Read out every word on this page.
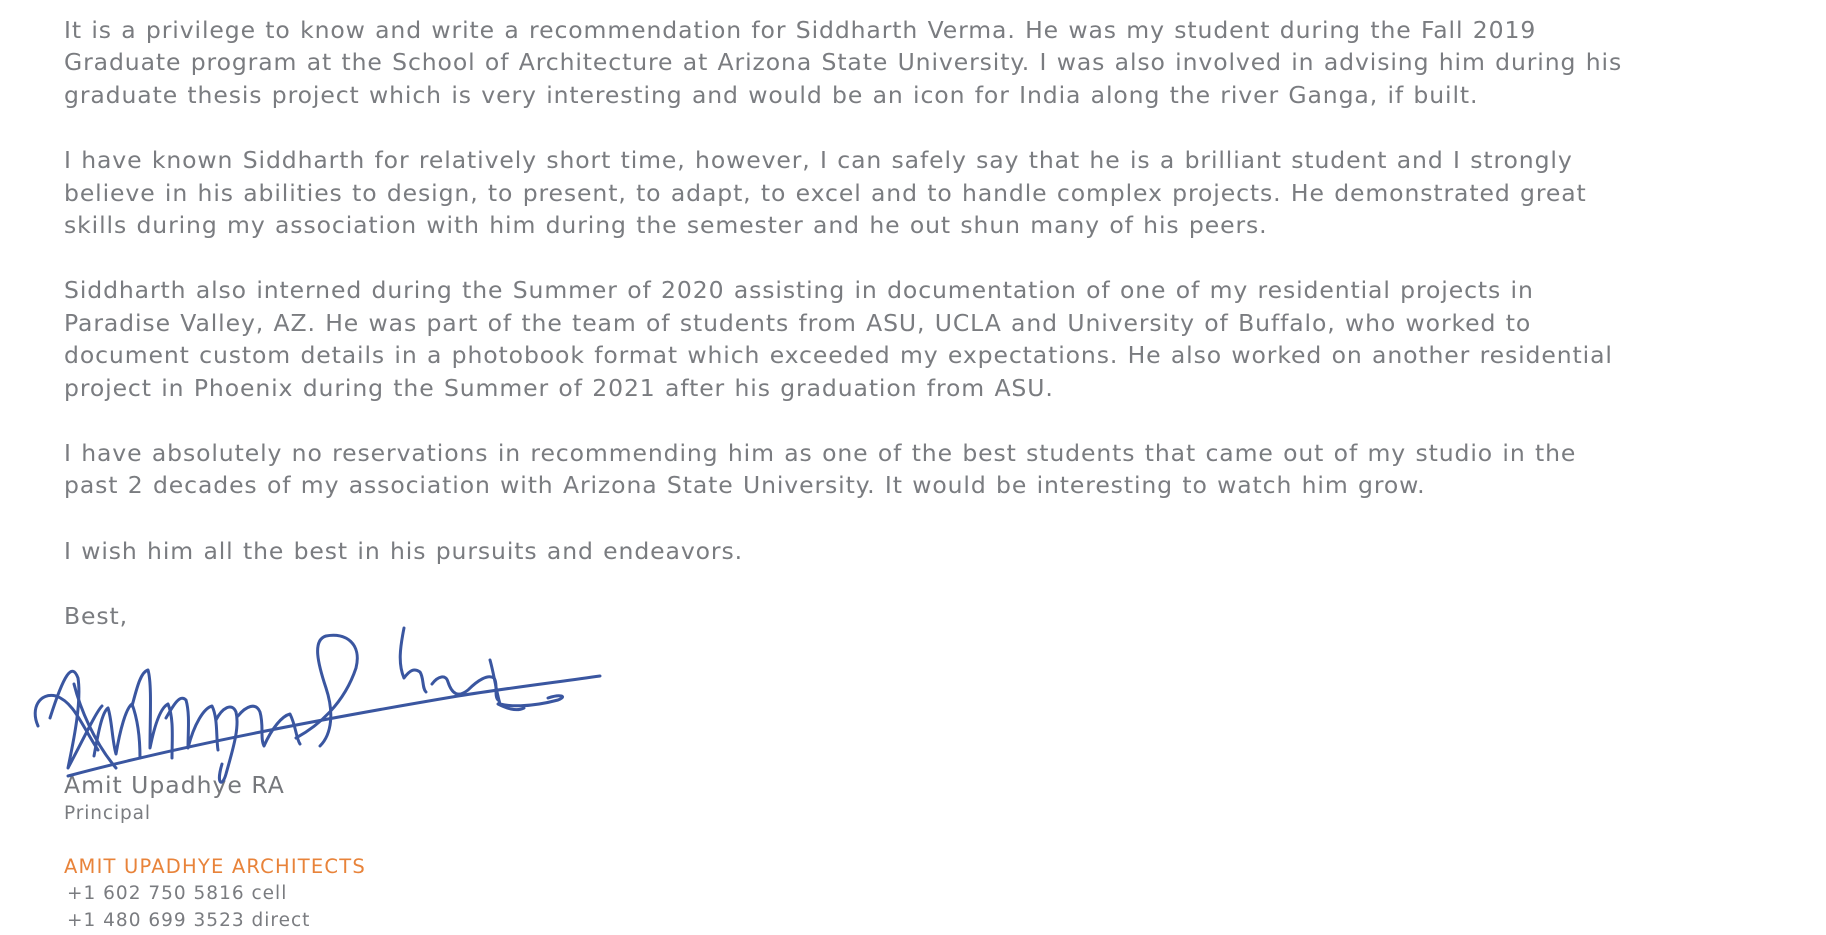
It is a privilege to know and write a recommendation for Siddharth Verma. He was my student during the Fall 2019
Graduate program at the School of Architecture at Arizona State University. I was also involved in advising him during his
graduate thesis project which is very interesting and would be an icon for India along the river Ganga, if built.

I have known Siddharth for relatively short time, however, I can safely say that he is a brilliant student and I strongly
believe in his abilities to design, to present, to adapt, to excel and to handle complex projects. He demonstrated great
skills during my association with him during the semester and he out shun many of his peers.

Siddharth also interned during the Summer of 2020 assisting in documentation of one of my residential projects in
Paradise Valley, AZ. He was part of the team of students from ASU, UCLA and University of Buffalo, who worked to
document custom details in a photobook format which exceeded my expectations. He also worked on another residential
project in Phoenix during the Summer of 2021 after his graduation from ASU.

I have absolutely no reservations in recommending him as one of the best students that came out of my studio in the
past 2 decades of my association with Arizona State University. It would be interesting to watch him grow.

I wish him all the best in his pursuits and endeavors.

Best,

Amit Upadhye RA
Principal
AMIT UPADHYE ARCHITECTS
+1 602 750 5816 cell
+1 480 699 3523 direct
